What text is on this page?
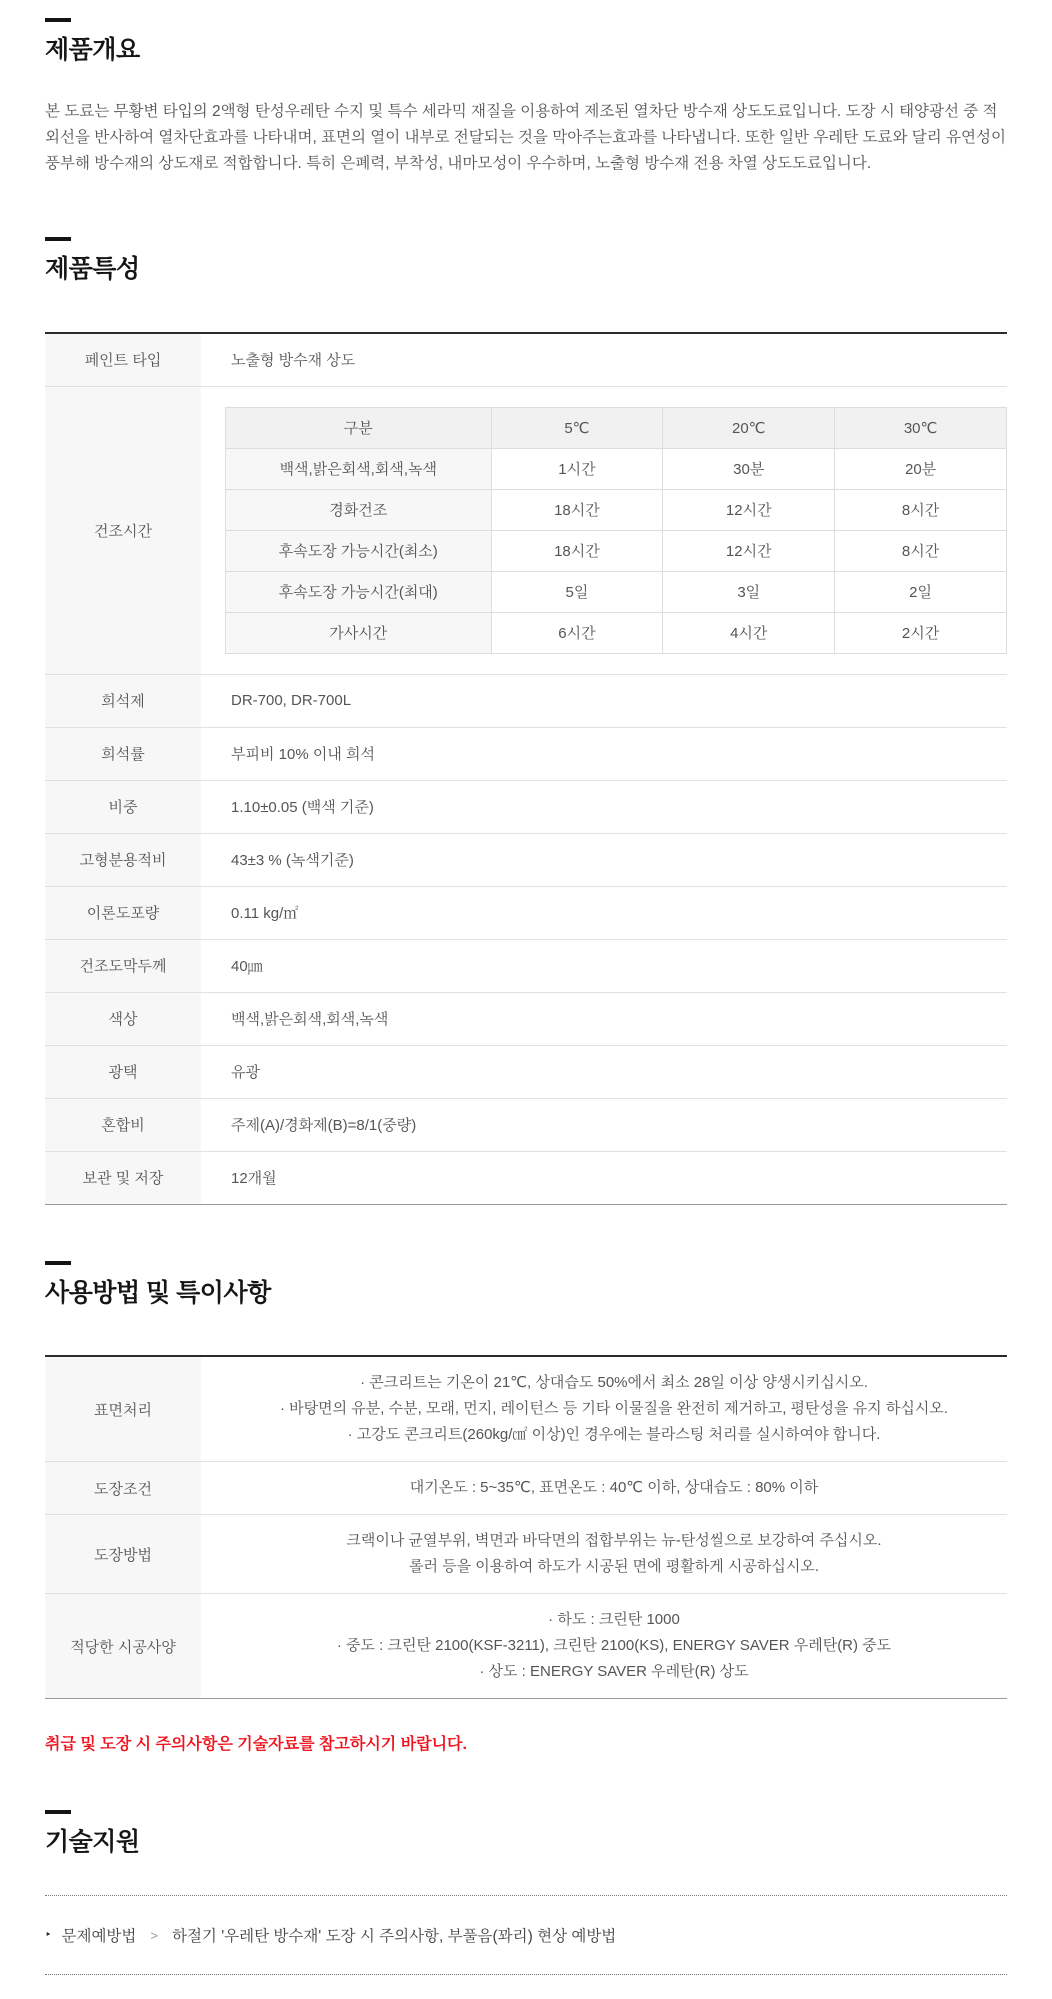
제품개요

본 도료는 무황변 타입의 2액형 탄성우레탄 수지 및 특수 세라믹 재질을 이용하여 제조된 열차단 방수재 상도도료입니다. 도장 시 태양광선 중 적외선을 반사하여 열차단효과를 나타내며, 표면의 열이 내부로 전달되는 것을 막아주는효과를 나타냅니다. 또한 일반 우레탄 도료와 달리 유연성이 풍부해 방수재의 상도재로 적합합니다. 특히 은폐력, 부착성, 내마모성이 우수하며, 노출형 방수재 전용 차열 상도도료입니다.

제품특성
페인트 타입	노출형 방수재 상도
건조시간
구분	5℃	20℃	30℃
백색,밝은회색,회색,녹색	1시간	30분	20분
경화건조	18시간	12시간	8시간
후속도장 가능시간(최소)	18시간	12시간	8시간
후속도장 가능시간(최대)	5일	3일	2일
가사시간	6시간	4시간	2시간
희석제	DR-700, DR-700L
희석률	부피비 10% 이내 희석
비중	1.10±0.05 (백색 기준)
고형분용적비	43±3 % (녹색기준)
이론도포량	0.11 kg/㎡
건조도막두께	40㎛
색상	백색,밝은회색,회색,녹색
광택	유광
혼합비	주제(A)/경화제(B)=8/1(중량)
보관 및 저장	12개월
사용방법 및 특이사항
표면처리
· 콘크리트는 기온이 21℃, 상대습도 50%에서 최소 28일 이상 양생시키십시오.
· 바탕면의 유분, 수분, 모래, 먼지, 레이턴스 등 기타 이물질을 완전히 제거하고, 평탄성을 유지 하십시오.
· 고강도 콘크리트(260kg/㎠ 이상)인 경우에는 블라스팅 처리를 실시하여야 합니다.
도장조건	대기온도 : 5~35℃, 표면온도 : 40℃ 이하, 상대습도 : 80% 이하
도장방법
크랙이나 균열부위, 벽면과 바닥면의 접합부위는 뉴-탄성씰으로 보강하여 주십시오.
롤러 등을 이용하여 하도가 시공된 면에 평활하게 시공하십시오.
적당한 시공사양
· 하도 : 크린탄 1000
· 중도 : 크린탄 2100(KSF-3211), 크린탄 2100(KS), ENERGY SAVER 우레탄(R) 중도
· 상도 : ENERGY SAVER 우레탄(R) 상도

취급 및 도장 시 주의사항은 기술자료를 참고하시기 바랍니다.

기술지원
‣ 문제예방법 > 하절기 '우레탄 방수재' 도장 시 주의사항, 부풀음(꽈리) 현상 예방법
